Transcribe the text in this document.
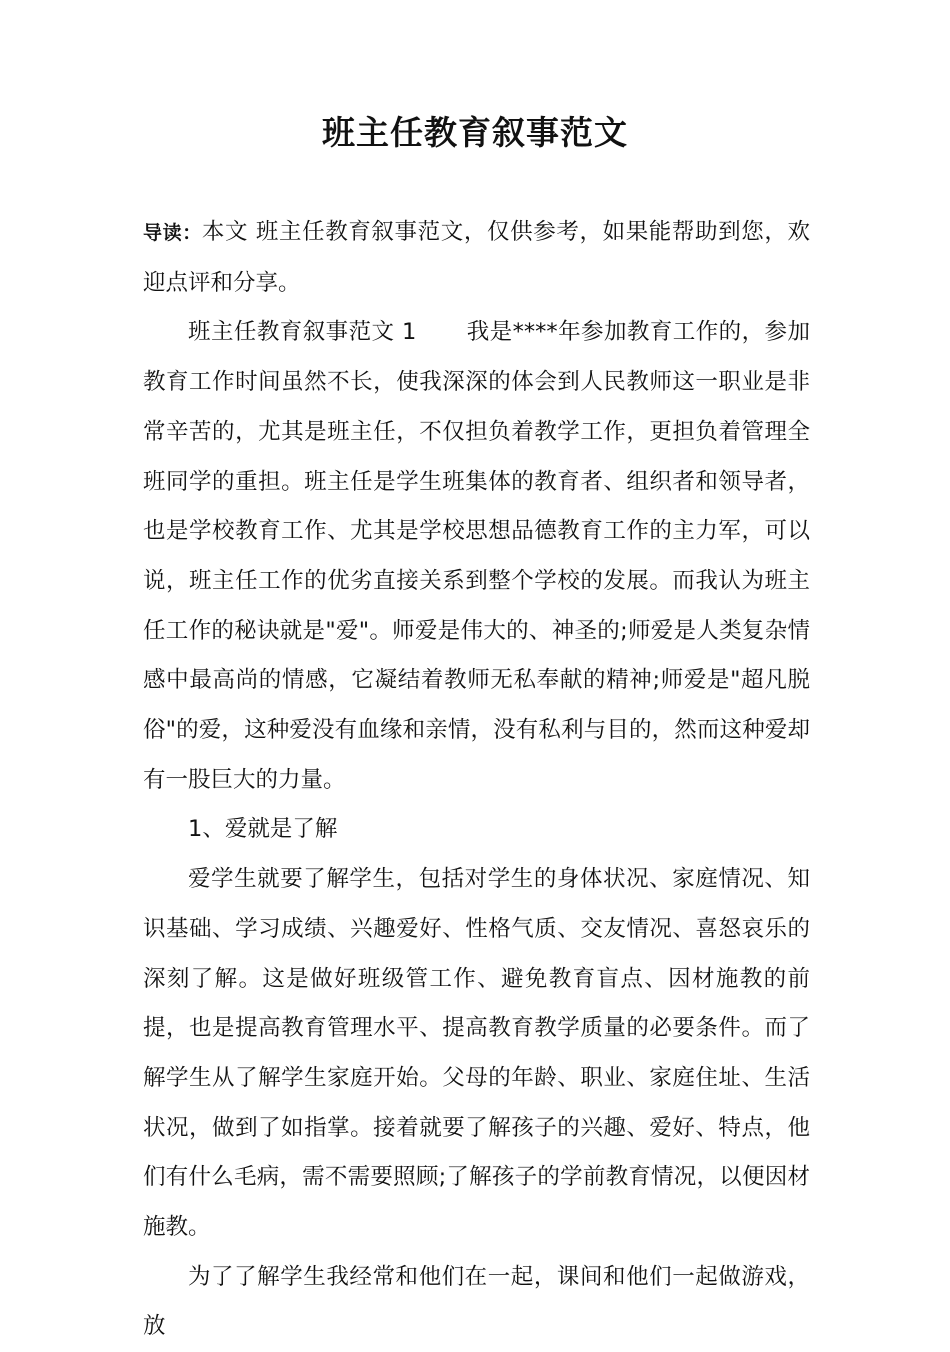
班主任教育叙事范文

导读：本文 班主任教育叙事范文，仅供参考，如果能帮助到您，欢迎点评和分享。

班主任教育叙事范文 1 我是****年参加教育工作的，参加教育工作时间虽然不长，使我深深的体会到人民教师这一职业是非常辛苦的，尤其是班主任，不仅担负着教学工作，更担负着管理全班同学的重担。班主任是学生班集体的教育者、组织者和领导者，也是学校教育工作、尤其是学校思想品德教育工作的主力军，可以说，班主任工作的优劣直接关系到整个学校的发展。而我认为班主任工作的秘诀就是"爱"。师爱是伟大的、神圣的;师爱是人类复杂情感中最高尚的情感，它凝结着教师无私奉献的精神;师爱是"超凡脱俗"的爱，这种爱没有血缘和亲情，没有私利与目的，然而这种爱却有一股巨大的力量。

1、爱就是了解

爱学生就要了解学生，包括对学生的身体状况、家庭情况、知识基础、学习成绩、兴趣爱好、性格气质、交友情况、喜怒哀乐的深刻了解。这是做好班级管工作、避免教育盲点、因材施教的前提，也是提高教育管理水平、提高教育教学质量的必要条件。而了解学生从了解学生家庭开始。父母的年龄、职业、家庭住址、生活状况，做到了如指掌。接着就要了解孩子的兴趣、爱好、特点，他们有什么毛病，需不需要照顾;了解孩子的学前教育情况，以便因材施教。

为了了解学生我经常和他们在一起，课间和他们一起做游戏，放
